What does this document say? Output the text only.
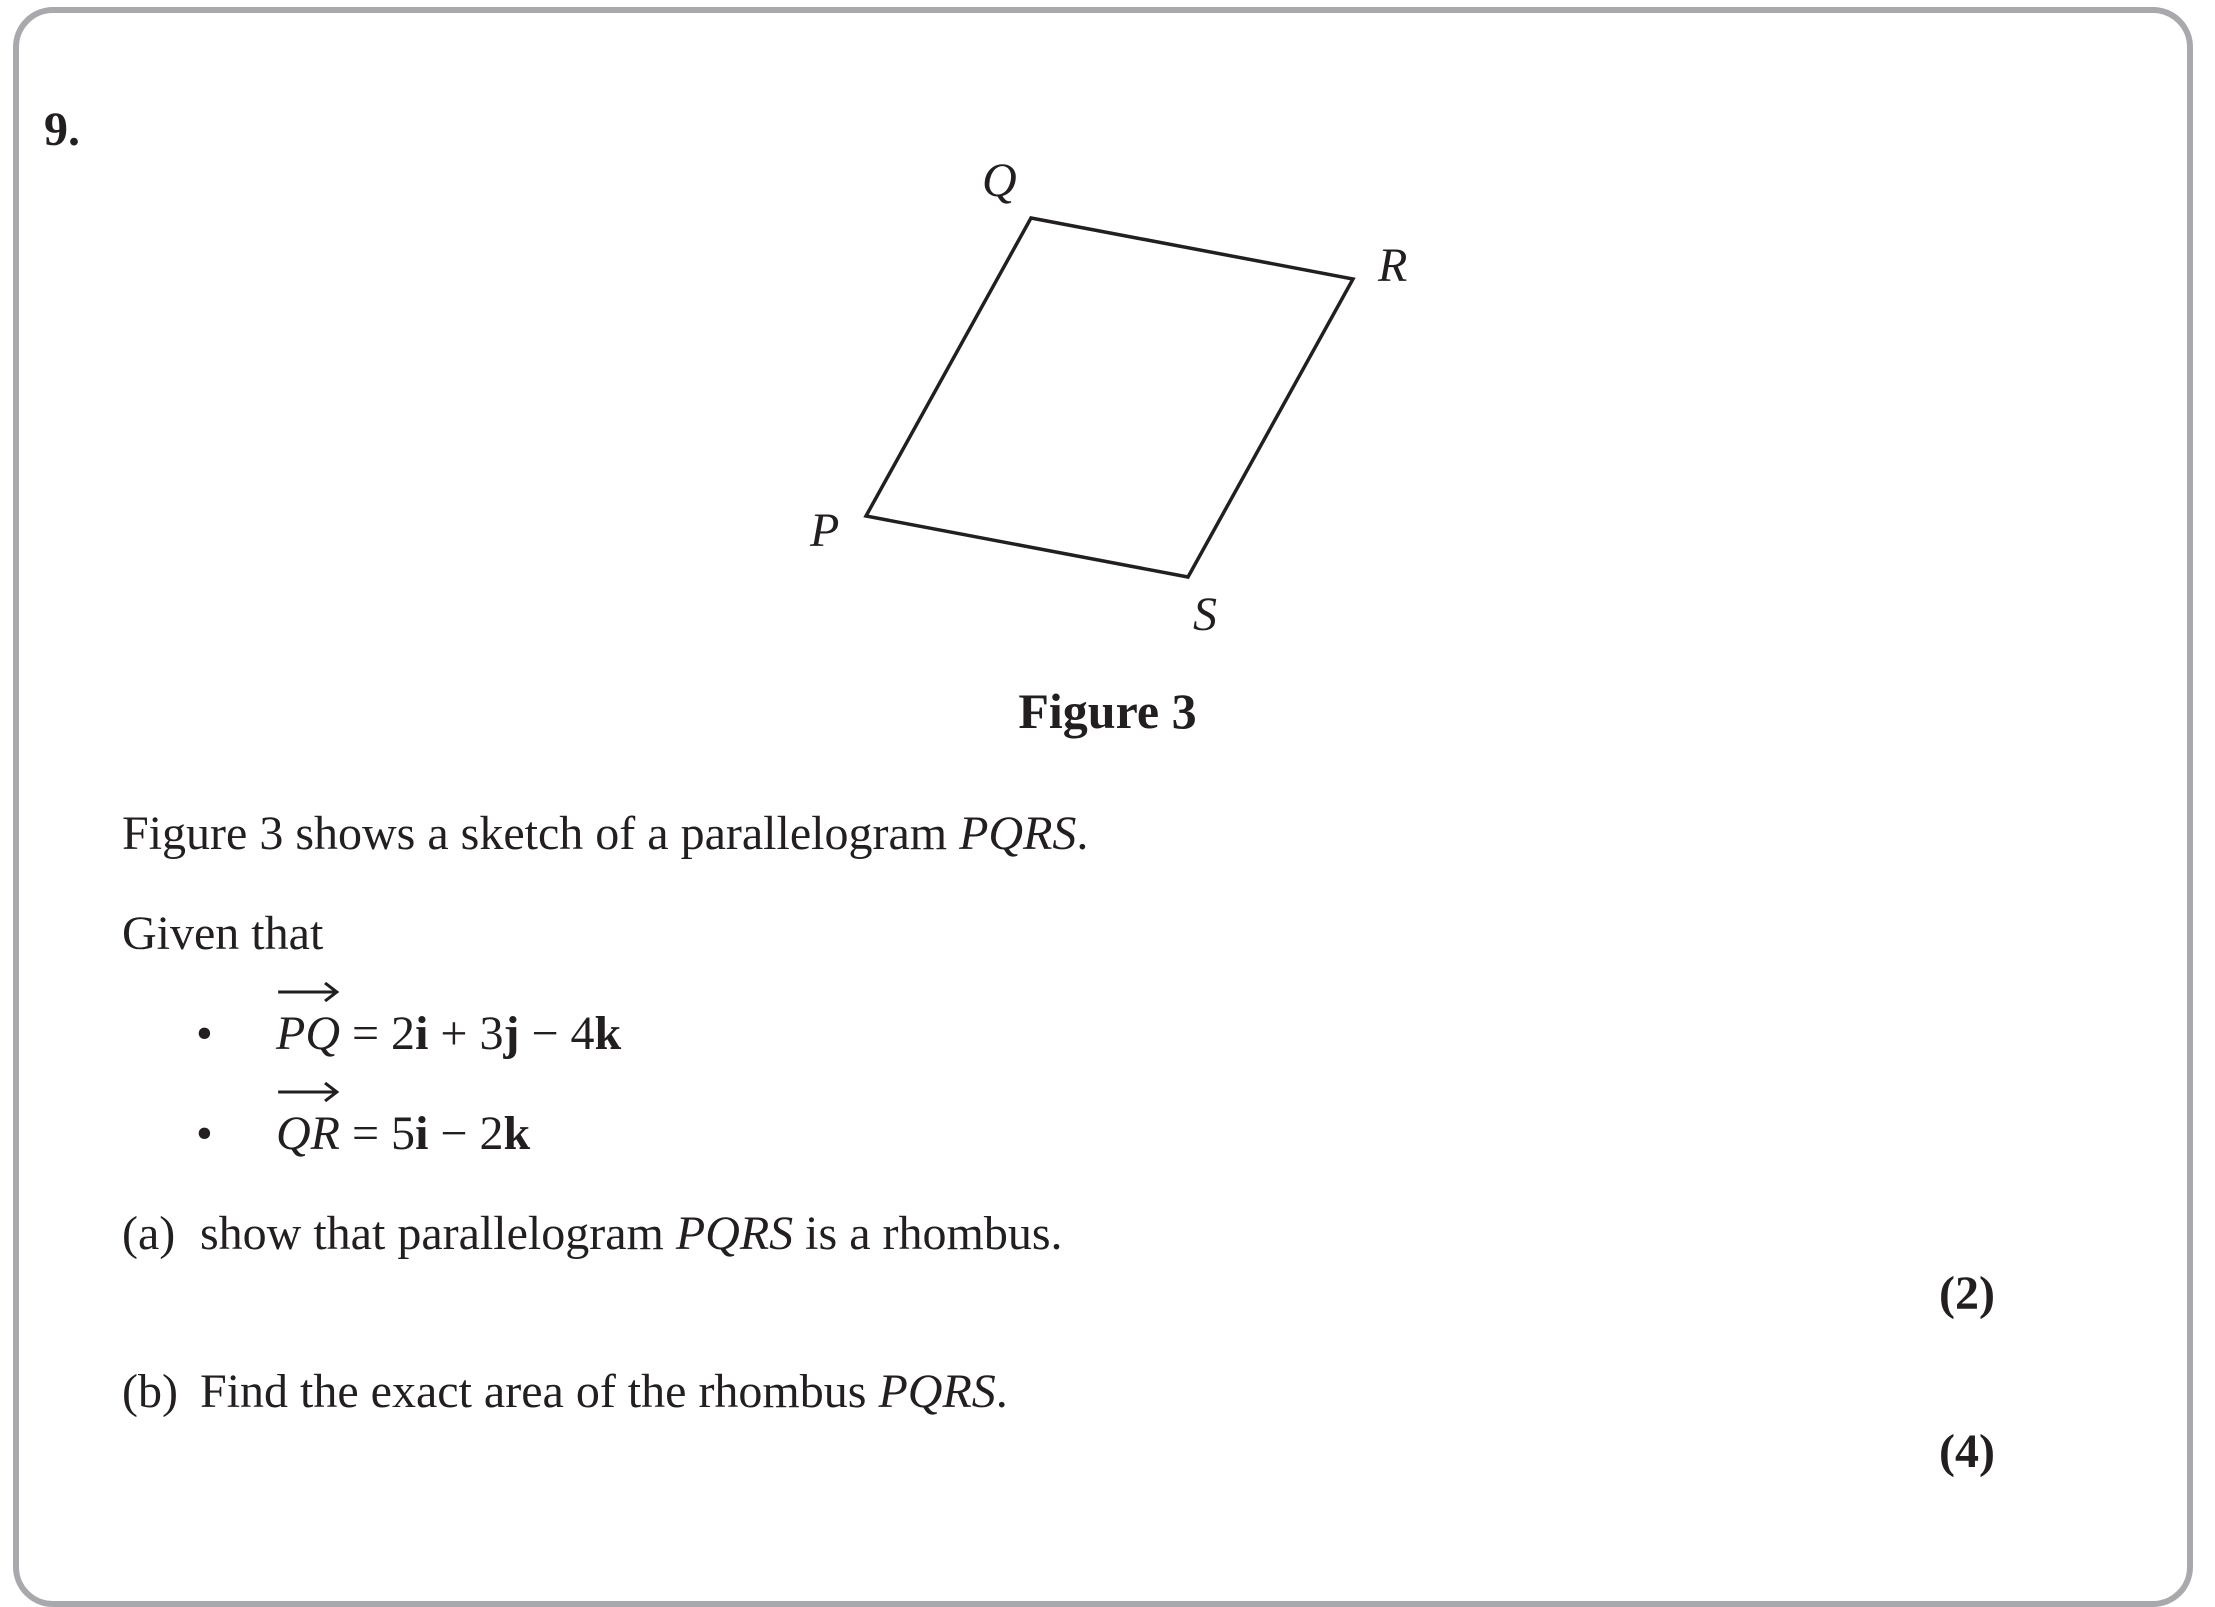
9.
Q
R
P
S
Figure 3
Figure 3 shows a sketch of a parallelogram PQRS.
Given that
• PQ = 2i + 3j − 4k
• QR = 5i − 2k
(a) show that parallelogram PQRS is a rhombus.
(2)
(b) Find the exact area of the rhombus PQRS.
(4)
